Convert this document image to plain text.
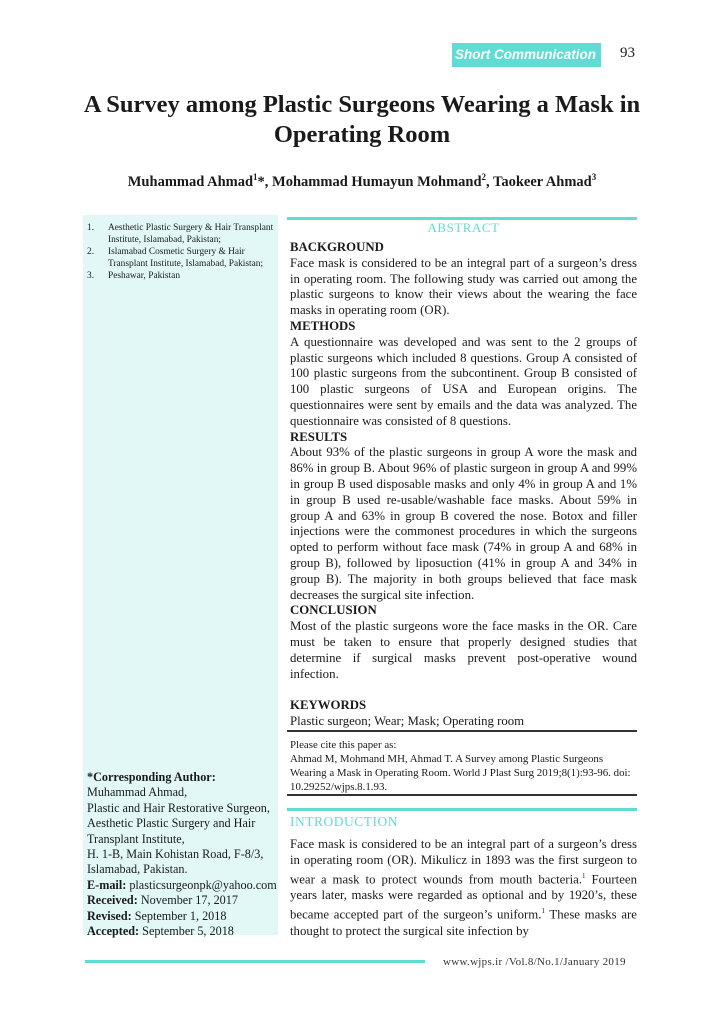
Short Communication	93
A Survey among Plastic Surgeons Wearing a Mask in Operating Room
Muhammad Ahmad$^1$*, Mohammad Humayun Mohmand$^2$, Taokeer Ahmad$^3$
1.	Aesthetic Plastic Surgery & Hair Transplant Institute, Islamabad, Pakistan;
2.	Islamabad Cosmetic Surgery & Hair Transplant Institute, Islamabad, Pakistan;
3.	Peshawar, Pakistan
*Corresponding Author:
Muhammad Ahmad,
Plastic and Hair Restorative Surgeon,
Aesthetic Plastic Surgery and Hair
Transplant Institute,
H. 1-B, Main Kohistan Road, F-8/3,
Islamabad, Pakistan.
E-mail: plasticsurgeonpk@yahoo.com
Received: November 17, 2017
Revised: September 1, 2018
Accepted: September 5, 2018
ABSTRACT
BACKGROUND

Face mask is considered to be an integral part of a surgeon’s dress in operating room. The following study was carried out among the plastic surgeons to know their views about the wearing the face masks in operating room (OR).

METHODS

A questionnaire was developed and was sent to the 2 groups of plastic surgeons which included 8 questions. Group A consisted of 100 plastic surgeons from the subcontinent. Group B consisted of 100 plastic surgeons of USA and European origins. The questionnaires were sent by emails and the data was analyzed. The questionnaire was consisted of 8 questions.

RESULTS

About 93% of the plastic surgeons in group A wore the mask and 86% in group B. About 96% of plastic surgeon in group A and 99% in group B used disposable masks and only 4% in group A and 1% in group B used re-usable/washable face masks. About 59% in group A and 63% in group B covered the nose. Botox and filler injections were the commonest procedures in which the surgeons opted to perform without face mask (74% in group A and 68% in group B), followed by liposuction (41% in group A and 34% in group B). The majority in both groups believed that face mask decreases the surgical site infection.

CONCLUSION

Most of the plastic surgeons wore the face masks in the OR. Care must be taken to ensure that properly designed studies that determine if surgical masks prevent post-operative wound infection.

KEYWORDS

Plastic surgeon; Wear; Mask; Operating room

Please cite this paper as:
Ahmad M, Mohmand MH, Ahmad T. A Survey among Plastic Surgeons Wearing a Mask in Operating Room. World J Plast Surg 2019;8(1):93-96. doi: 10.29252/wjps.8.1.93.
INTRODUCTION
Face mask is considered to be an integral part of a surgeon’s dress in operating room (OR). Mikulicz in 1893 was the first surgeon to wear a mask to protect wounds from mouth bacteria.$^1$ Fourteen years later, masks were regarded as optional and by 1920’s, these became accepted part of the surgeon’s uniform.$^1$ These masks are thought to protect the surgical site infection by
www.wjps.ir /Vol.8/No.1/January 2019
